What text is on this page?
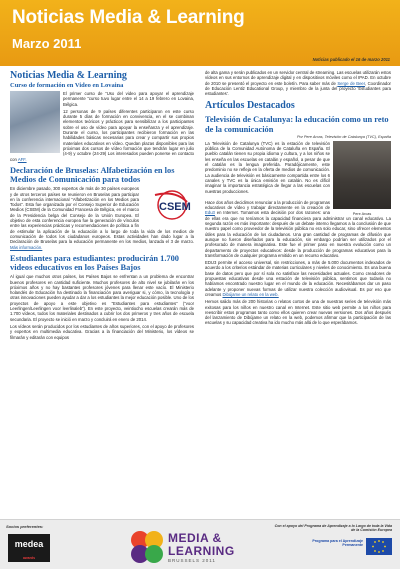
Noticias Media & Learning
Marzo 2011
Noticias publicado el 16 de marzo 2011
Noticias Media & Learning
Curso de formación en Video en Lovaina

El primer curso de “Uso del video para apoyar el aprendizaje permanente ”curso tuvo lugar entre el 14 a 19 febrero en Lovaina, Bélgica.

12 personas de 9 países diferentes participaron en este curso durante 5 días de formación en convivencia, en el se combinan elementos teóricos y prácticos para sensibilizar a los participantes sobre el uso de vídeo para apoyar la enseñanza y el aprendizaje. Durante el curso, los participantes recibieron formación en las habilidades básicas necesarias para crear y compartir sus propios materiales educativos en vídeo. Quedan plazas disponibles para las próximas dos cursos de vídeo formación que tendrán lugar en julio (4-9) y octubre (24-29) Los interesados pueden ponerse en contacto con AFF.

Declaración de Bruselas: Alfabetización en los Medios de Comunicación para todos
CSEM

En diciembre pasado, 300 expertos de más de 30 países europeos y de otros terceros países se reunieron en Bruselas para participar en la conferencia internacional “Alfabetización en los Medios para Todos”. Esta fue organizada por el Consejo Superior de Educación Medios (CSEM) de la Comunidad Francesa de Bélgica, en el marco de la Presidencia belga del Consejo de la Unión Europea. El objetivo de esta conferencia europea fue la generación de vínculos entre las experiencias prácticas y recomendaciones de política a fin de estimular la aplicación de la educación a lo largo de toda la vida de los medios de comunicación de todos los ciudadanos europeos. Estas actividades han dado lugar a la Declaración de Bruselas para la educación permanente en los medios, lanzada el 3 de marzo. Más información.

Estudiantes para estudiantes: producirán 1.700 videos educativos en los Países Bajos

Al igual que muchos otros países, los Países Bajos se enfrentan a un problema de encontrar buenos profesores en cantidad suficiente. Muchos profesores de alto nivel se jubilarán en los próximos años y no hay bastantes profesores jóvenes para llenar este vacío. El Ministerio holandés de Educación ha destinado la financiación para averiguar si, y cómo, la tecnología y otras innovaciones pueden ayudar a dar a los estudiantes la mejor educación posible. Uno de los proyectos de apoyo a este objetivo es “Estudiantes para estudiantes” (“voor Leerlingen/Leerlingen voor leerlinaleb”). En este proyecto, veintiocho escuelas crearán más de 1.700 vídeos, todos los materiales destinados a cubrir los dos primeros y tres años de escuela secundaria. El proyecto se inició en marzo y concluirá en enero de 2014.

Los vídeos serán producidos por los estudiantes de años superiores, con el apoyo de profesores y expertos en multimedia educativa. Gracias a la financiación del Ministerio, los vídeos se filmarán y editarán con equipos

de alta gama y serán publicados en un servidor central de streaming. Las escuelas utilizarán estos vídeos en sus entornos de aprendizaje digital y en dispositivos móviles como el IPAD. En octubre de 2010 se presentó el proyecto en este boletín. Para saber más de Serge de Beer, Coordinador de Educación Lentiz Educational Group, y miembro de la junta del proyecto 'Estudiantes para estudiantes'.

Artículos Destacados
Televisión de Catalunya: la educación como un reto de la comunicación
Por Pere Arcas, Televisión de Catalunya (TVC), España
Pere Arcas

La Televisión de Catalunya (TVC) es la estación de televisión pública de la Comunidad Autónoma de Cataluña en España. El pueblo catalán tienen su propia idioma y cultura, y a los niños se les enseña en las escuelas en catalán y español, a pesar de que el catalán es la lengua preferida. Paradójicamente, este predominio no se refleja en la oferta de medios de comunicación. La audiencia de televisión es básicamente compartida entre los 6 canales y TVC es la única emisión en catalán. No es difícil imaginar la importancia estratégica de llegar a las escuelas con nuestras producciones.

Hace dos años decidimos renunciar a la producción de programas educativos de vídeo y trabajar directamente en la creación de Edu3 en Internet. Tomamos esta decisión por dos razones: una de ellas era que no teníamos la capacidad financiera para administrar un canal educativo. La segunda razón es más importante: después de un debate interno llegamos a la conclusión de que nuestro papel como proveedor de la televisión pública no era solo educar, sino ofrecer elementos útiles para la educación de los ciudadanos. Una gran cantidad de programas de difusión que aunque no fueron diseñados para la educación, sin embargo podrían ser utilizados por el profesorado de manera imaginativa. Este fue el primer paso en nuestra evolución como un departamento de proyectos educativos: desde la producción de programas educativos para la transformación de cualquier programa emitido en un recurso educativo.

EDU3 permite el acceso universal, sin restricciones, a más de 5.000 documentos indexados de acuerdo a los criterios estándar de materias curriculares y niveles de conocimiento. Es una buena base de datos pero que por sí sola no satisface las necesidades actuales. Como creadores de propuestas educativas desde una estación de televisión pública, sentimos que todavía no habíamos encontrado nuestro lugar en el mundo de la educación. Necesitábamos dar un paso adelante y proponer nuevas formas de utilizar nuestra colección audiovisual. Es por eso que creamos Dibújame un relato en la web.

Hemos salido más de 200 historias o relatos cortos de una de nuestras series de televisión más exitosas para los niños en nuestro canal en Internet. Este sitio web permite a los niños para reescribir estos programas tanto como ellos quieren crear nuevas versiones. Dos años después del lanzamiento de Dibújame un relato en la web, podemos afirmar que la participación de las escuelas y su capacidad creativa ha ido mucho más allá de lo que esperábamos.

Socios preferentes:
medea
awards
MEDIA &
LEARNING
BRUSSELS 2011
Con el apoyo del Programa de Aprendizaje a lo Largo de toda la Vida de la Comisión Europea
Programa para el Aprendizaje Permanente
